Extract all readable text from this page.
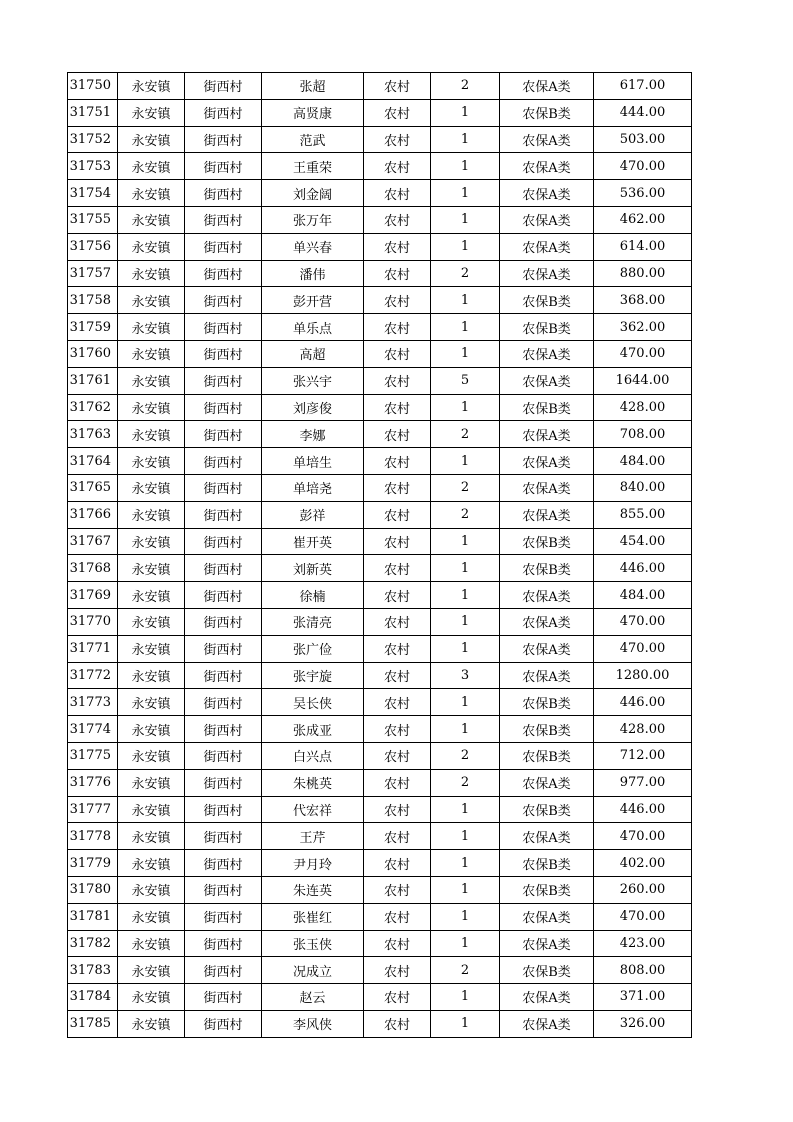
31750	永安镇	街西村	张超	农村	2	农保A类	617.00
31751	永安镇	街西村	高贤康	农村	1	农保B类	444.00
31752	永安镇	街西村	范武	农村	1	农保A类	503.00
31753	永安镇	街西村	王重荣	农村	1	农保A类	470.00
31754	永安镇	街西村	刘金阔	农村	1	农保A类	536.00
31755	永安镇	街西村	张万年	农村	1	农保A类	462.00
31756	永安镇	街西村	单兴春	农村	1	农保A类	614.00
31757	永安镇	街西村	潘伟	农村	2	农保A类	880.00
31758	永安镇	街西村	彭开营	农村	1	农保B类	368.00
31759	永安镇	街西村	单乐点	农村	1	农保B类	362.00
31760	永安镇	街西村	高超	农村	1	农保A类	470.00
31761	永安镇	街西村	张兴宇	农村	5	农保A类	1644.00
31762	永安镇	街西村	刘彦俊	农村	1	农保B类	428.00
31763	永安镇	街西村	李娜	农村	2	农保A类	708.00
31764	永安镇	街西村	单培生	农村	1	农保A类	484.00
31765	永安镇	街西村	单培尧	农村	2	农保A类	840.00
31766	永安镇	街西村	彭祥	农村	2	农保A类	855.00
31767	永安镇	街西村	崔开英	农村	1	农保B类	454.00
31768	永安镇	街西村	刘新英	农村	1	农保B类	446.00
31769	永安镇	街西村	徐楠	农村	1	农保A类	484.00
31770	永安镇	街西村	张清亮	农村	1	农保A类	470.00
31771	永安镇	街西村	张广俭	农村	1	农保A类	470.00
31772	永安镇	街西村	张宇旋	农村	3	农保A类	1280.00
31773	永安镇	街西村	吴长侠	农村	1	农保B类	446.00
31774	永安镇	街西村	张成亚	农村	1	农保B类	428.00
31775	永安镇	街西村	白兴点	农村	2	农保B类	712.00
31776	永安镇	街西村	朱桃英	农村	2	农保A类	977.00
31777	永安镇	街西村	代宏祥	农村	1	农保B类	446.00
31778	永安镇	街西村	王芹	农村	1	农保A类	470.00
31779	永安镇	街西村	尹月玲	农村	1	农保B类	402.00
31780	永安镇	街西村	朱连英	农村	1	农保B类	260.00
31781	永安镇	街西村	张崔红	农村	1	农保A类	470.00
31782	永安镇	街西村	张玉侠	农村	1	农保A类	423.00
31783	永安镇	街西村	况成立	农村	2	农保B类	808.00
31784	永安镇	街西村	赵云	农村	1	农保A类	371.00
31785	永安镇	街西村	李风侠	农村	1	农保A类	326.00
